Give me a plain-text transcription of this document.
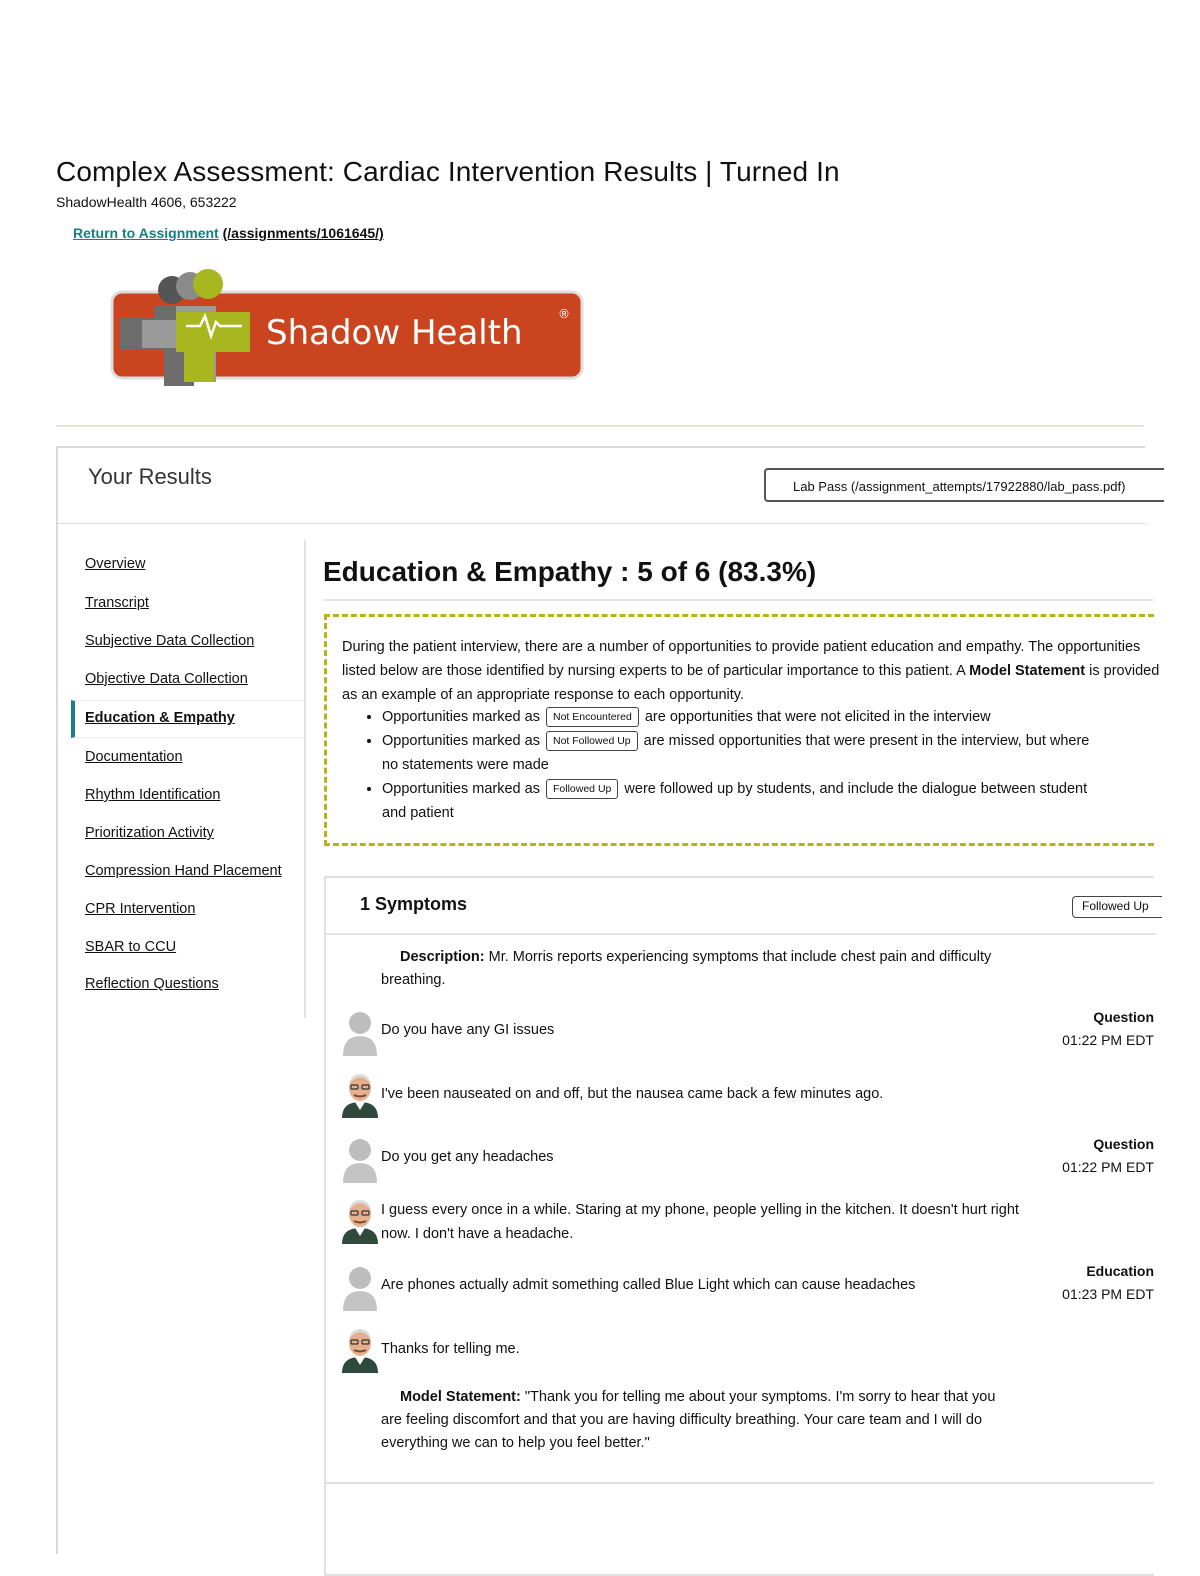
Complex Assessment: Cardiac Intervention Results | Turned In
ShadowHealth 4606, 653222
Return to Assignment (/assignments/1061645/)
Shadow Health	®
Your Results	Lab Pass (/assignment_attempts/17922880/lab_pass.pdf)
Overview
Transcript
Subjective Data Collection
Objective Data Collection
Education & Empathy
Documentation
Rhythm Identification
Prioritization Activity
Compression Hand Placement
CPR Intervention
SBAR to CCU
Reflection Questions
Education & Empathy : 5 of 6 (83.3%)
During the patient interview, there are a number of opportunities to provide patient education and empathy. The opportunities listed below are those identified by nursing experts to be of particular importance to this patient. A Model Statement is provided as an example of an appropriate response to each opportunity.
• Opportunities marked as Not Encountered are opportunities that were not elicited in the interview
• Opportunities marked as Not Followed Up are missed opportunities that were present in the interview, but where
no statements were made
• Opportunities marked as Followed Up were followed up by students, and include the dialogue between student
and patient
1 Symptoms	Followed Up
Description: Mr. Morris reports experiencing symptoms that include chest pain and difficulty breathing.
Do you have any GI issues
Question
01:22 PM EDT
I've been nauseated on and off, but the nausea came back a few minutes ago.
Do you get any headaches
Question
01:22 PM EDT
I guess every once in a while. Staring at my phone, people yelling in the kitchen. It doesn't hurt right now. I don't have a headache.
Are phones actually admit something called Blue Light which can cause headaches
Education
01:23 PM EDT
Thanks for telling me.
Model Statement: "Thank you for telling me about your symptoms. I'm sorry to hear that you are feeling discomfort and that you are having difficulty breathing. Your care team and I will do everything we can to help you feel better."
